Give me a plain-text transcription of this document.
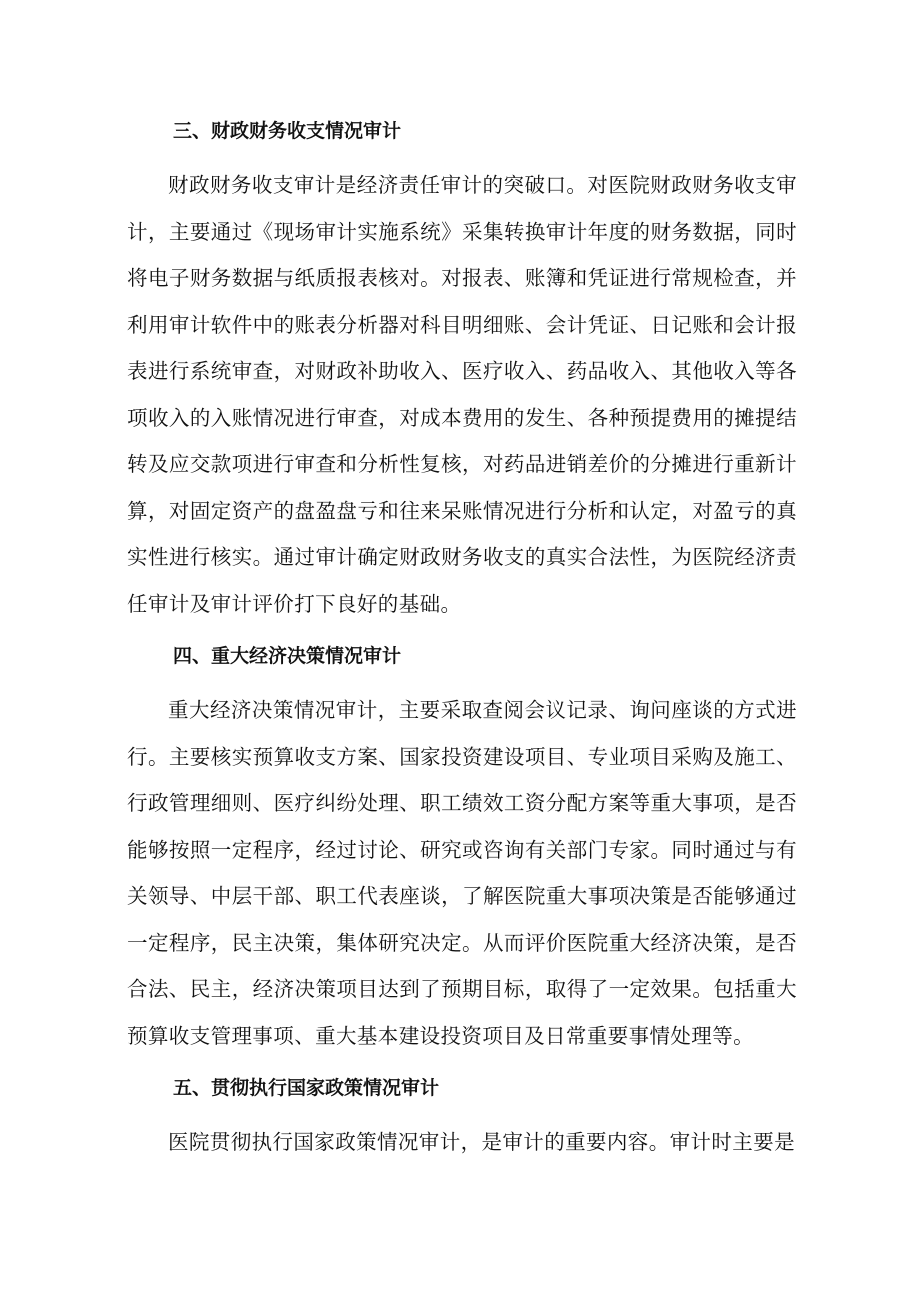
三、财政财务收支情况审计

财政财务收支审计是经济责任审计的突破口。对医院财政财务收支审计，主要通过《现场审计实施系统》采集转换审计年度的财务数据，同时将电子财务数据与纸质报表核对。对报表、账簿和凭证进行常规检查，并利用审计软件中的账表分析器对科目明细账、会计凭证、日记账和会计报表进行系统审查，对财政补助收入、医疗收入、药品收入、其他收入等各项收入的入账情况进行审查，对成本费用的发生、各种预提费用的摊提结转及应交款项进行审查和分析性复核，对药品进销差价的分摊进行重新计算，对固定资产的盘盈盘亏和往来呆账情况进行分析和认定，对盈亏的真实性进行核实。通过审计确定财政财务收支的真实合法性，为医院经济责任审计及审计评价打下良好的基础。

四、重大经济决策情况审计

重大经济决策情况审计，主要采取查阅会议记录、询问座谈的方式进行。主要核实预算收支方案、国家投资建设项目、专业项目采购及施工、行政管理细则、医疗纠纷处理、职工绩效工资分配方案等重大事项，是否能够按照一定程序，经过讨论、研究或咨询有关部门专家。同时通过与有关领导、中层干部、职工代表座谈，了解医院重大事项决策是否能够通过一定程序，民主决策，集体研究决定。从而评价医院重大经济决策，是否合法、民主，经济决策项目达到了预期目标，取得了一定效果。包括重大预算收支管理事项、重大基本建设投资项目及日常重要事情处理等。

五、贯彻执行国家政策情况审计

医院贯彻执行国家政策情况审计，是审计的重要内容。审计时主要是
